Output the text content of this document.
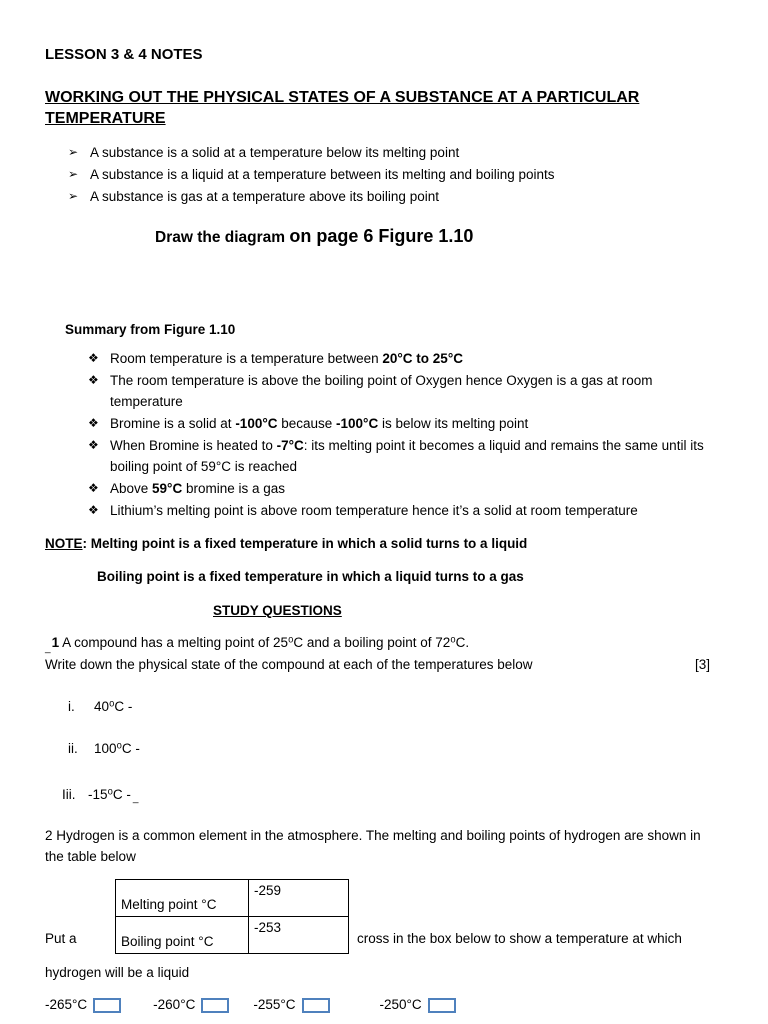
LESSON 3 & 4 NOTES
WORKING OUT THE PHYSICAL STATES OF A SUBSTANCE AT A PARTICULAR TEMPERATURE
➢ A substance is a solid at a temperature below its melting point
➢ A substance is a liquid at a temperature between its melting and boiling points
➢ A substance is gas at a temperature above its boiling point
Draw the diagram on page 6 Figure 1.10
Summary from Figure 1.10
❖ Room temperature is a temperature between 20°C to 25°C
❖ The room temperature is above the boiling point of Oxygen hence Oxygen is a gas at room temperature
❖ Bromine is a solid at -100°C because -100°C is below its melting point
❖ When Bromine is heated to -7°C: its melting point it becomes a liquid and remains the same until its boiling point of 59°C is reached
❖ Above 59°C bromine is a gas
❖ Lithium’s melting point is above room temperature hence it’s a solid at room temperature
NOTE: Melting point is a fixed temperature in which a solid turns to a liquid
Boiling point is a fixed temperature in which a liquid turns to a gas
STUDY QUESTIONS
$_{\_}$1 A compound has a melting point of 25⁰C and a boiling point of 72⁰C.
Write down the physical state of the compound at each of the temperatures below	[3]
i.	40⁰C -
ii.	100⁰C -
Iii. -15⁰C - _
2 Hydrogen is a common element in the atmosphere. The melting and boiling points of hydrogen are shown in the table below
Melting point °C	-259
Boiling point °C	-253
Put a	cross in the box below to show a temperature at which
hydrogen will be a liquid
-265°C	-260°C	-255°C	-250°C
